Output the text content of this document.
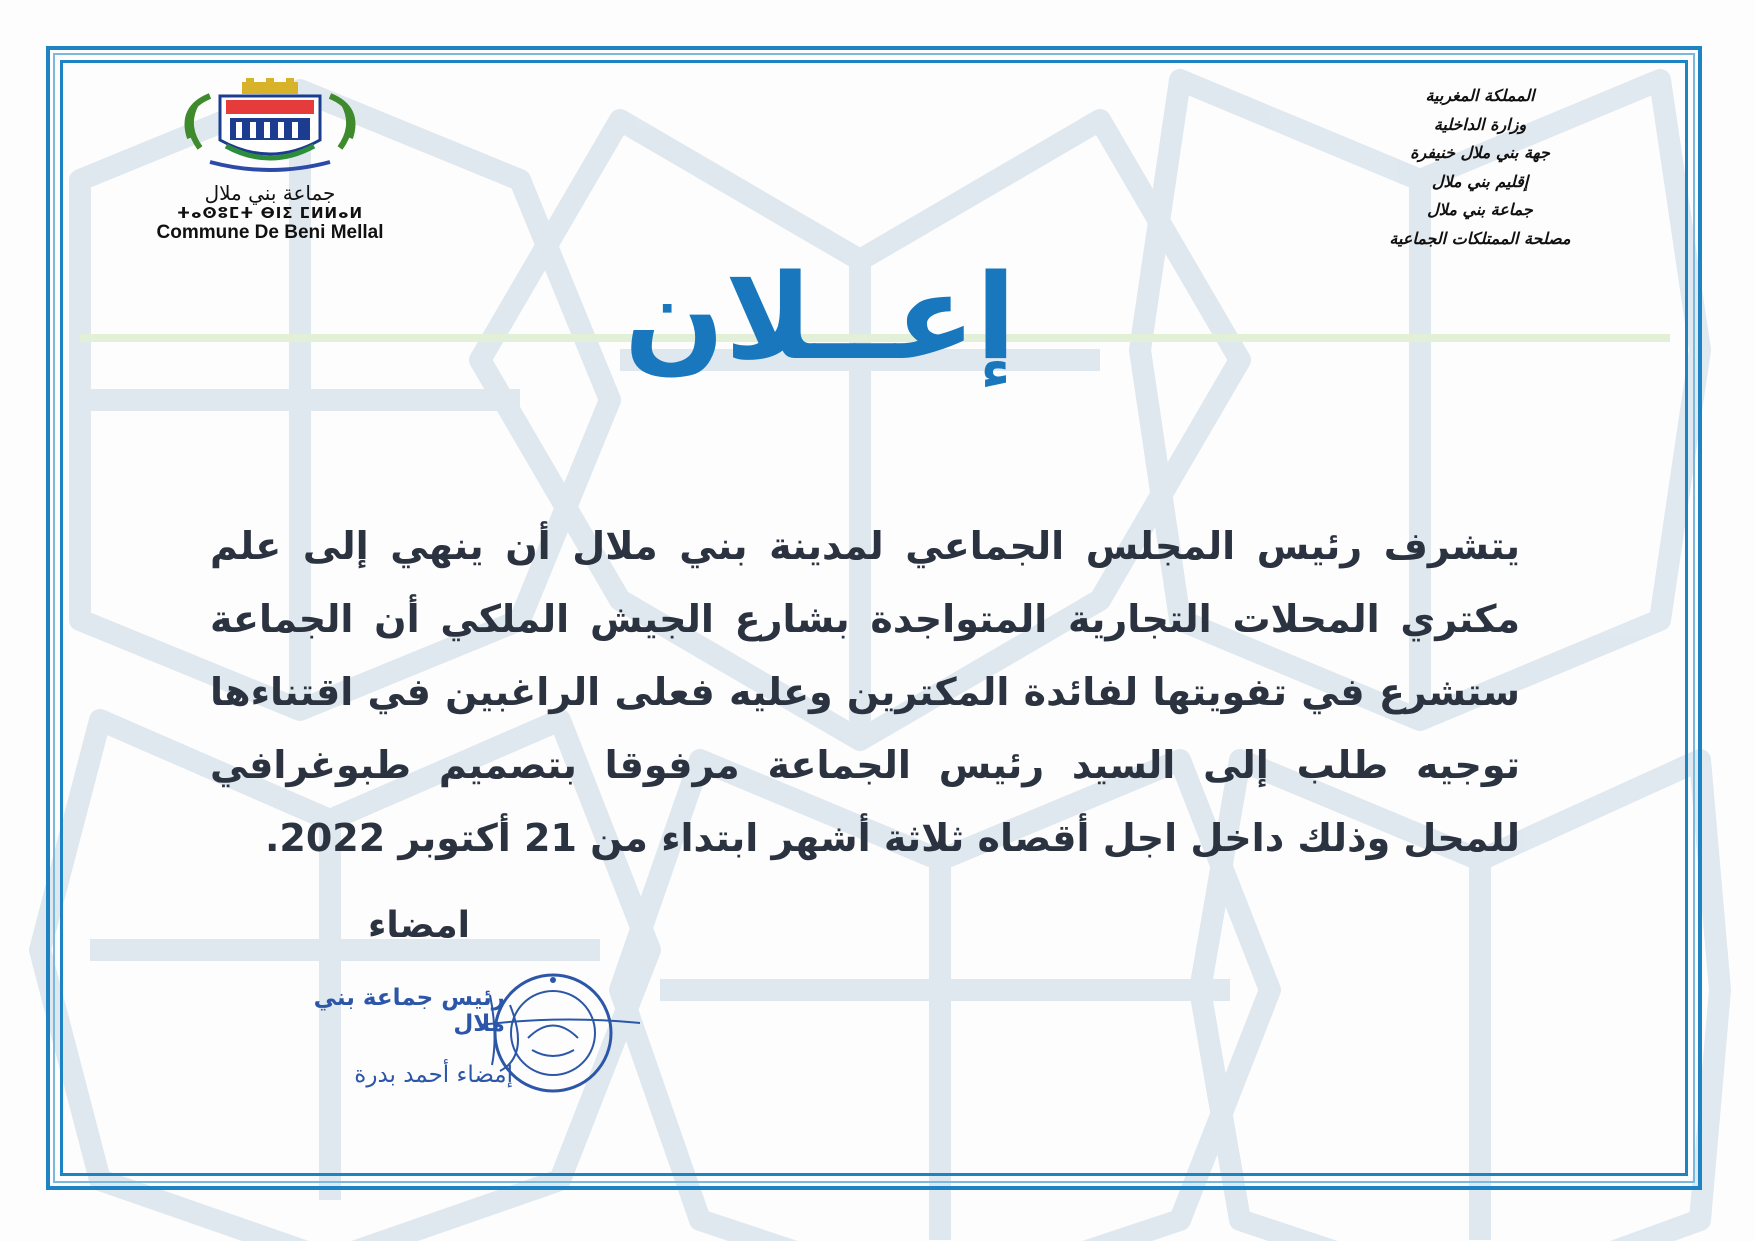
جماعة بني ملال
ⵜⴰⵙⵓⵎⵜ ⴱⵏⵉ ⵎⵍⵍⴰⵍ
Commune De Beni Mellal
المملكة المغربية
وزارة الداخلية
جهة بني ملال خنيفرة
إقليم بني ملال
جماعة بني ملال
مصلحة الممتلكات الجماعية
إعــلان
يتشرف رئيس المجلس الجماعي لمدينة بني ملال أن ينهي إلى علم
مكتري المحلات التجارية المتواجدة بشارع الجيش الملكي أن الجماعة
ستشرع في تفويتها لفائدة المكترين وعليه فعلى الراغبين في اقتناءها
توجيه طلب إلى السيد رئيس الجماعة مرفوقا بتصميم طبوغرافي
للمحل وذلك داخل اجل أقصاه ثلاثة أشهر ابتداء من 21 أكتوبر 2022.
امضاء
رئيس جماعة بني ملال
إمضاء أحمد بدرة
